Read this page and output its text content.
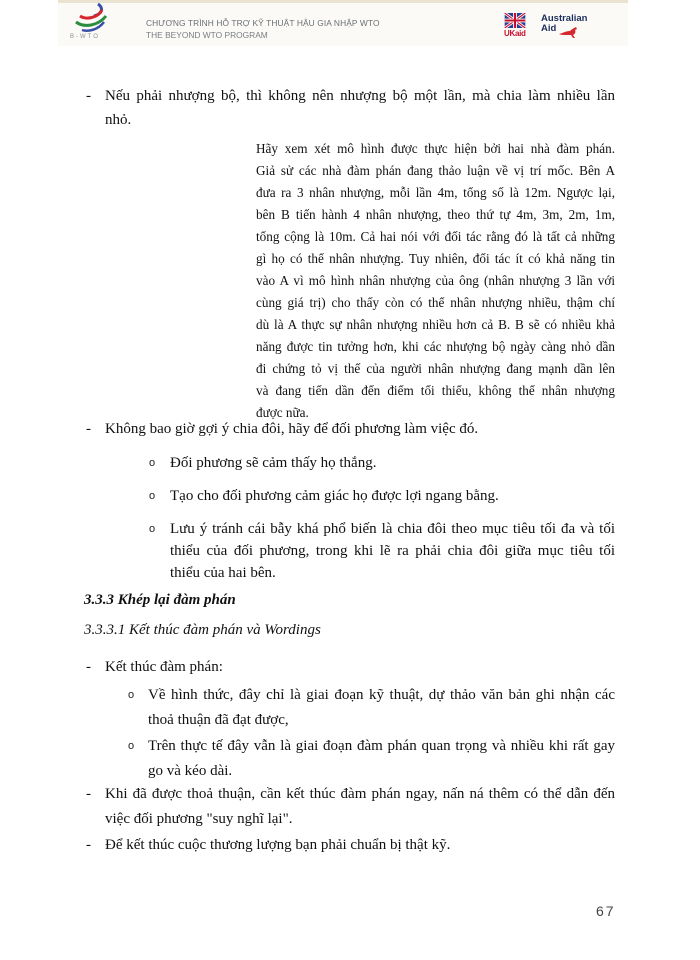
B-WTO
CHƯƠNG TRÌNH HỖ TRỢ KỸ THUẬT HẬU GIA NHẬP WTO
THE BEYOND WTO PROGRAM	UKaid
Australian
Aid
- Nếu phải nhượng bộ, thì không nên nhượng bộ một lần, mà chia làm nhiều lần
nhỏ.
Hãy xem xét mô hình được thực hiện bởi hai nhà đàm phán.
Giả sử các nhà đàm phán đang thảo luận về vị trí mốc. Bên A
đưa ra 3 nhân nhượng, mỗi lần 4m, tổng số là 12m. Ngược lại,
bên B tiến hành 4 nhân nhượng, theo thứ tự 4m, 3m, 2m, 1m,
tổng cộng là 10m. Cả hai nói với đối tác rằng đó là tất cả những
gì họ có thể nhân nhượng. Tuy nhiên, đối tác ít có khả năng tin
vào A vì mô hình nhân nhượng của ông (nhân nhượng 3 lần với
cùng giá trị) cho thấy còn có thể nhân nhượng nhiều, thậm chí
dù là A thực sự nhân nhượng nhiều hơn cả B. B sẽ có nhiều khả
năng được tin tưởng hơn, khi các nhượng bộ ngày càng nhỏ dần
đi chứng tỏ vị thế của người nhân nhượng đang mạnh dần lên
và đang tiến dần đến điểm tối thiểu, không thể nhân nhượng
được nữa.
- Không bao giờ gợi ý chia đôi, hãy để đối phương làm việc đó.
o Đối phương sẽ cảm thấy họ thắng.
o Tạo cho đối phương cảm giác họ được lợi ngang bằng.
o Lưu ý tránh cái bẫy khá phổ biến là chia đôi theo mục tiêu tối đa và tối
thiểu của đối phương, trong khi lẽ ra phải chia đôi giữa mục tiêu tối
thiểu của hai bên.
3.3.3 Khép lại đàm phán
3.3.3.1 Kết thúc đàm phán và Wordings
- Kết thúc đàm phán:
o Về hình thức, đây chỉ là giai đoạn kỹ thuật, dự thảo văn bản ghi nhận các
thoả thuận đã đạt được,
o Trên thực tế đây vẫn là giai đoạn đàm phán quan trọng và nhiều khi rất gay
go và kéo dài.
- Khi đã được thoả thuận, cần kết thúc đàm phán ngay, nấn ná thêm có thể dẫn đến
việc đối phương "suy nghĩ lại".
- Để kết thúc cuộc thương lượng bạn phải chuẩn bị thật kỹ.
67
